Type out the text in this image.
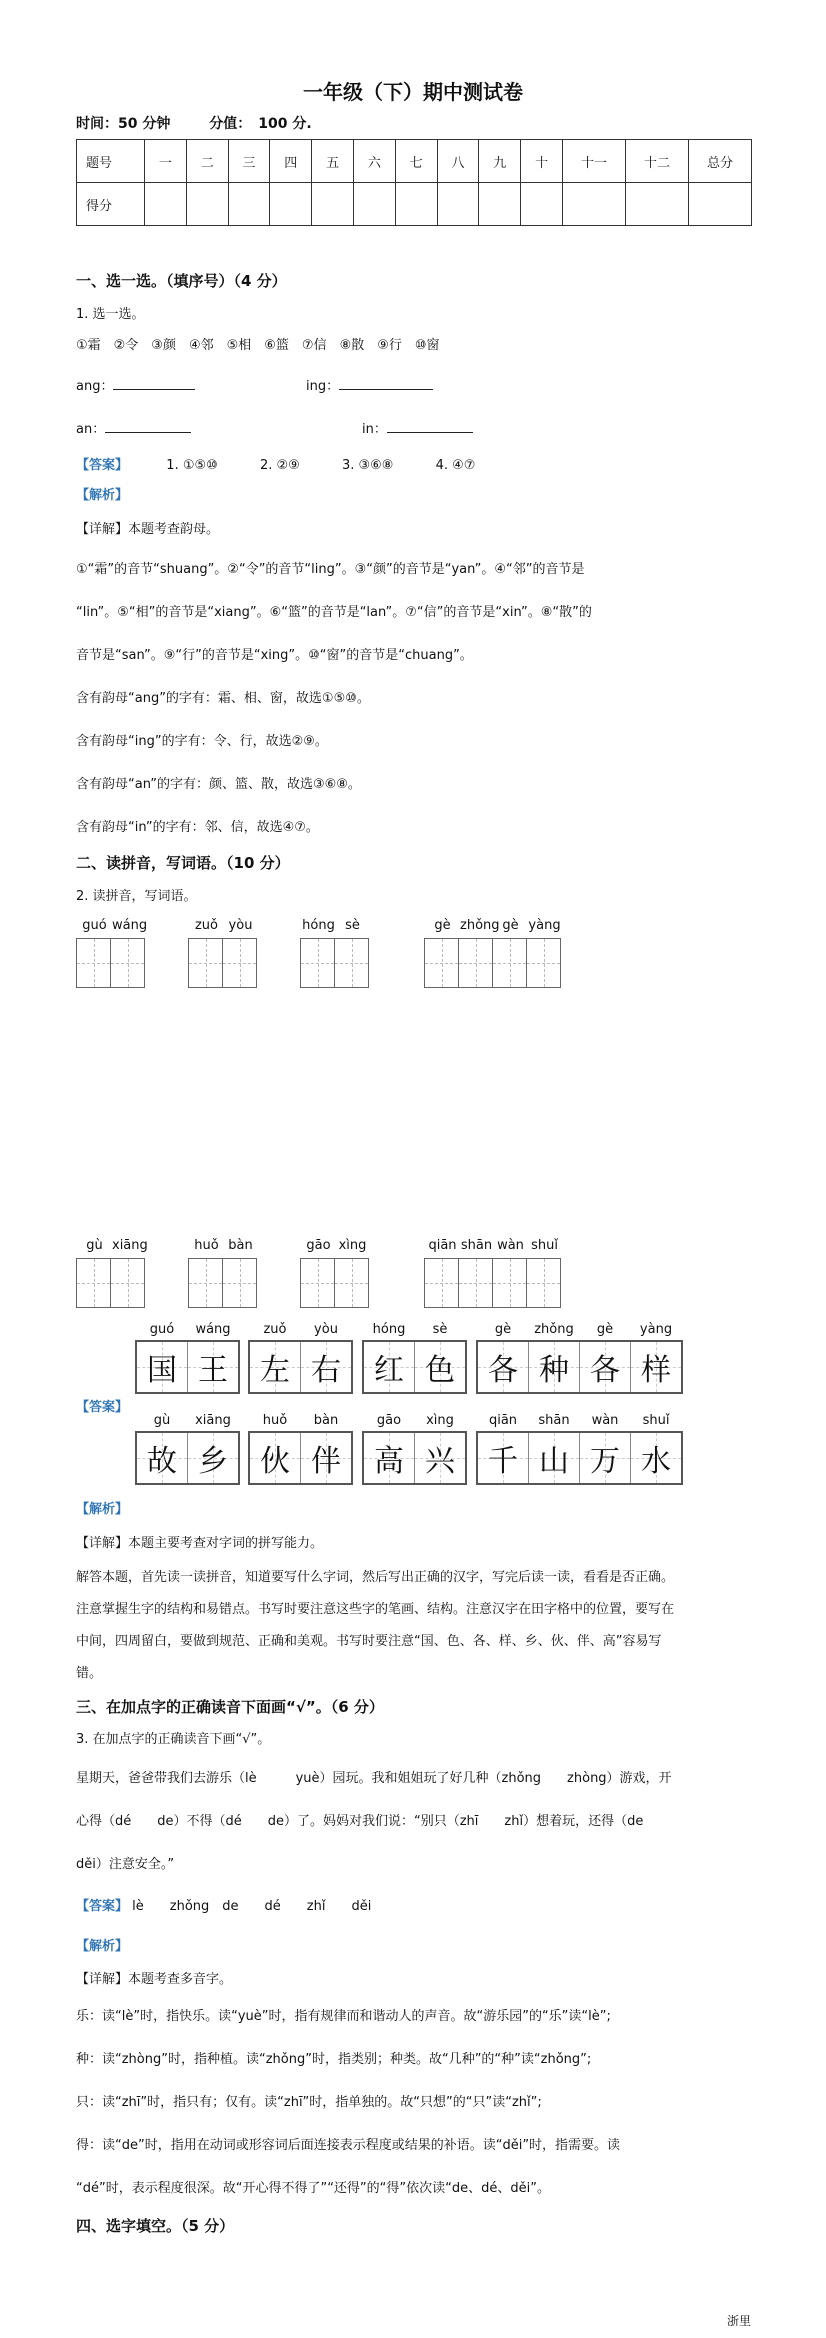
一年级（下）期中测试卷
时间：50 分钟	分值：　100 分.
题号	一	二	三	四	五	六	七	八	九	十	十一	十二	总分
得分													
一、选一选。（填序号）（4 分）
1. 选一选。
①霜　②令　③颜　④邻　⑤相　⑥篮　⑦信　⑧散　⑨行　⑩窗
ang：	ing：
an：	in：
【答案】	1. ①⑤⑩	2. ②⑨	3. ③⑥⑧	4. ④⑦
【解析】
【详解】本题考查韵母。
①“霜”的音节“shuang”。②“令”的音节“ling”。③“颜”的音节是“yan”。④“邻”的音节是
“lin”。⑤“相”的音节是“xiang”。⑥“篮”的音节是“lan”。⑦“信”的音节是“xin”。⑧“散”的
音节是“san”。⑨“行”的音节是“xing”。⑩“窗”的音节是“chuang”。
含有韵母“ang”的字有：霜、相、窗，故选①⑤⑩。
含有韵母“ing”的字有：令、行，故选②⑨。
含有韵母“an”的字有：颜、篮、散，故选③⑥⑧。
含有韵母“in”的字有：邻、信，故选④⑦。
二、读拼音，写词语。（10 分）
2. 读拼音，写词语。
guó wáng	zuǒ yòu	hóng sè	gè zhǒng gè yàng
gù xiāng	huǒ bàn	gāo xìng	qiān shān wàn shuǐ
【答案】
guó	wáng
国 王
zuǒ	yòu
左 右
hóng	sè
红 色
gè	zhǒng	gè	yàng
各 种 各 样
gù	xiāng
故 乡
huǒ	bàn
伙 伴
gāo	xìng
高 兴
qiān	shān	wàn	shuǐ
千 山 万 水
【解析】
【详解】本题主要考查对字词的拼写能力。
解答本题，首先读一读拼音，知道要写什么字词，然后写出正确的汉字，写完后读一读，看看是否正确。
注意掌握生字的结构和易错点。书写时要注意这些字的笔画、结构。注意汉字在田字格中的位置，要写在
中间，四周留白，要做到规范、正确和美观。书写时要注意“国、色、各、样、乡、伙、伴、高”容易写
错。
三、在加点字的正确读音下面画“√”。（6 分）
3. 在加点字的正确读音下画“√”。
星期天，爸爸带我们去游乐（lè　　　yuè）园玩。我和姐姐玩了好几种（zhǒng　　zhòng）游戏，开
心得（dé　　de）不得（dé　　de）了。妈妈对我们说：“别只（zhī　　zhǐ）想着玩，还得（de
děi）注意安全。”
【答案】 lè　　zhǒng　de　　dé　　zhǐ　　děi
【解析】
【详解】本题考查多音字。
乐：读“lè”时，指快乐。读“yuè”时，指有规律而和谐动人的声音。故“游乐园”的“乐”读“lè”;
种：读“zhòng”时，指种植。读“zhǒng”时，指类别；种类。故“几种”的“种”读“zhǒng”;
只：读“zhī”时，指只有；仅有。读“zhī”时，指单独的。故“只想”的“只”读“zhǐ”;
得：读“de”时，指用在动词或形容词后面连接表示程度或结果的补语。读“děi”时，指需要。读
“dé”时，表示程度很深。故“开心得不得了”“还得”的“得”依次读“de、dé、děi”。
四、选字填空。（5 分）
浙里
